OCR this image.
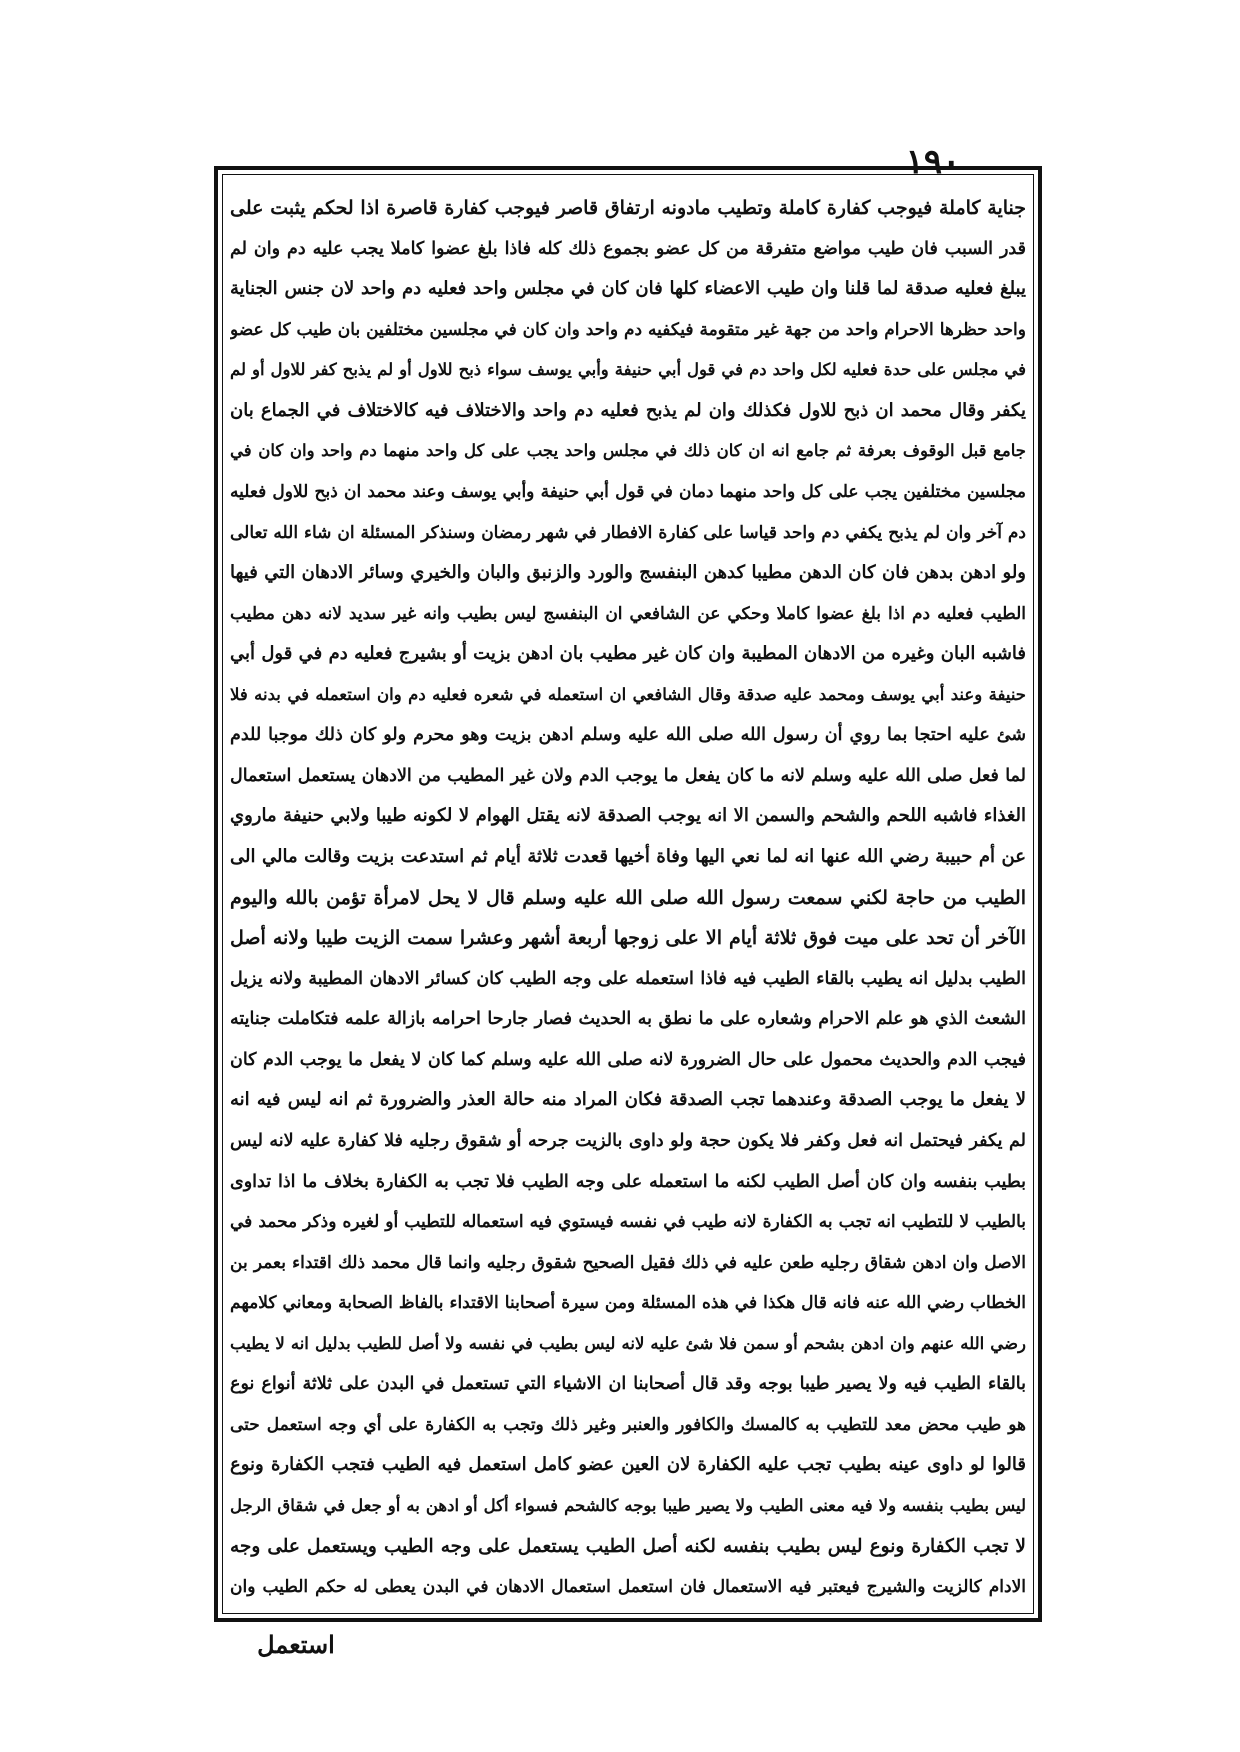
١٩٠
جناية كاملة فيوجب كفارة كاملة وتطيب مادونه ارتفاق قاصر فيوجب كفارة قاصرة اذا لحكم يثبت على
قدر السبب فان طيب مواضع متفرقة من كل عضو بجموع ذلك كله فاذا بلغ عضوا كاملا يجب عليه دم وان لم
يبلغ فعليه صدقة لما قلنا وان طيب الاعضاء كلها فان كان في مجلس واحد فعليه دم واحد لان جنس الجناية
واحد حظرها الاحرام واحد من جهة غير متقومة فيكفيه دم واحد وان كان في مجلسين مختلفين بان طيب كل عضو
في مجلس على حدة فعليه لكل واحد دم في قول أبي حنيفة وأبي يوسف سواء ذبح للاول أو لم يذبح كفر للاول أو لم
يكفر وقال محمد ان ذبح للاول فكذلك وان لم يذبح فعليه دم واحد والاختلاف فيه كالاختلاف في الجماع بان
جامع قبل الوقوف بعرفة ثم جامع انه ان كان ذلك في مجلس واحد يجب على كل واحد منهما دم واحد وان كان في
مجلسين مختلفين يجب على كل واحد منهما دمان في قول أبي حنيفة وأبي يوسف وعند محمد ان ذبح للاول فعليه
دم آخر وان لم يذبح يكفي دم واحد قياسا على كفارة الافطار في شهر رمضان وسنذكر المسئلة ان شاء الله تعالى
ولو ادهن بدهن فان كان الدهن مطيبا كدهن البنفسج والورد والزنبق والبان والخيري وسائر الادهان التي فيها
الطيب فعليه دم اذا بلغ عضوا كاملا وحكي عن الشافعي ان البنفسج ليس بطيب وانه غير سديد لانه دهن مطيب
فاشبه البان وغيره من الادهان المطيبة وان كان غير مطيب بان ادهن بزيت أو بشيرج فعليه دم في قول أبي
حنيفة وعند أبي يوسف ومحمد عليه صدقة وقال الشافعي ان استعمله في شعره فعليه دم وان استعمله في بدنه فلا
شئ عليه احتجا بما روي أن رسول الله صلى الله عليه وسلم ادهن بزيت وهو محرم ولو كان ذلك موجبا للدم
لما فعل صلى الله عليه وسلم لانه ما كان يفعل ما يوجب الدم ولان غير المطيب من الادهان يستعمل استعمال
الغذاء فاشبه اللحم والشحم والسمن الا انه يوجب الصدقة لانه يقتل الهوام لا لكونه طيبا ولابي حنيفة ماروي
عن أم حبيبة رضي الله عنها انه لما نعي اليها وفاة أخيها قعدت ثلاثة أيام ثم استدعت بزيت وقالت مالي الى
الطيب من حاجة لكني سمعت رسول الله صلى الله عليه وسلم قال لا يحل لامرأة تؤمن بالله واليوم
الآخر أن تحد على ميت فوق ثلاثة أيام الا على زوجها أربعة أشهر وعشرا سمت الزيت طيبا ولانه أصل
الطيب بدليل انه يطيب بالقاء الطيب فيه فاذا استعمله على وجه الطيب كان كسائر الادهان المطيبة ولانه يزيل
الشعث الذي هو علم الاحرام وشعاره على ما نطق به الحديث فصار جارحا احرامه بازالة علمه فتكاملت جنايته
فيجب الدم والحديث محمول على حال الضرورة لانه صلى الله عليه وسلم كما كان لا يفعل ما يوجب الدم كان
لا يفعل ما يوجب الصدقة وعندهما تجب الصدقة فكان المراد منه حالة العذر والضرورة ثم انه ليس فيه انه
لم يكفر فيحتمل انه فعل وكفر فلا يكون حجة ولو داوى بالزيت جرحه أو شقوق رجليه فلا كفارة عليه لانه ليس
بطيب بنفسه وان كان أصل الطيب لكنه ما استعمله على وجه الطيب فلا تجب به الكفارة بخلاف ما اذا تداوى
بالطيب لا للتطيب انه تجب به الكفارة لانه طيب في نفسه فيستوي فيه استعماله للتطيب أو لغيره وذكر محمد في
الاصل وان ادهن شقاق رجليه طعن عليه في ذلك فقيل الصحيح شقوق رجليه وانما قال محمد ذلك اقتداء بعمر بن
الخطاب رضي الله عنه فانه قال هكذا في هذه المسئلة ومن سيرة أصحابنا الاقتداء بالفاظ الصحابة ومعاني كلامهم
رضي الله عنهم وان ادهن بشحم أو سمن فلا شئ عليه لانه ليس بطيب في نفسه ولا أصل للطيب بدليل انه لا يطيب
بالقاء الطيب فيه ولا يصير طيبا بوجه وقد قال أصحابنا ان الاشياء التي تستعمل في البدن على ثلاثة أنواع نوع
هو طيب محض معد للتطيب به كالمسك والكافور والعنبر وغير ذلك وتجب به الكفارة على أي وجه استعمل حتى
قالوا لو داوى عينه بطيب تجب عليه الكفارة لان العين عضو كامل استعمل فيه الطيب فتجب الكفارة ونوع
ليس بطيب بنفسه ولا فيه معنى الطيب ولا يصير طيبا بوجه كالشحم فسواء أكل أو ادهن به أو جعل في شقاق الرجل
لا تجب الكفارة ونوع ليس بطيب بنفسه لكنه أصل الطيب يستعمل على وجه الطيب ويستعمل على وجه
الادام كالزيت والشيرج فيعتبر فيه الاستعمال فان استعمل استعمال الادهان في البدن يعطى له حكم الطيب وان
استعمل
